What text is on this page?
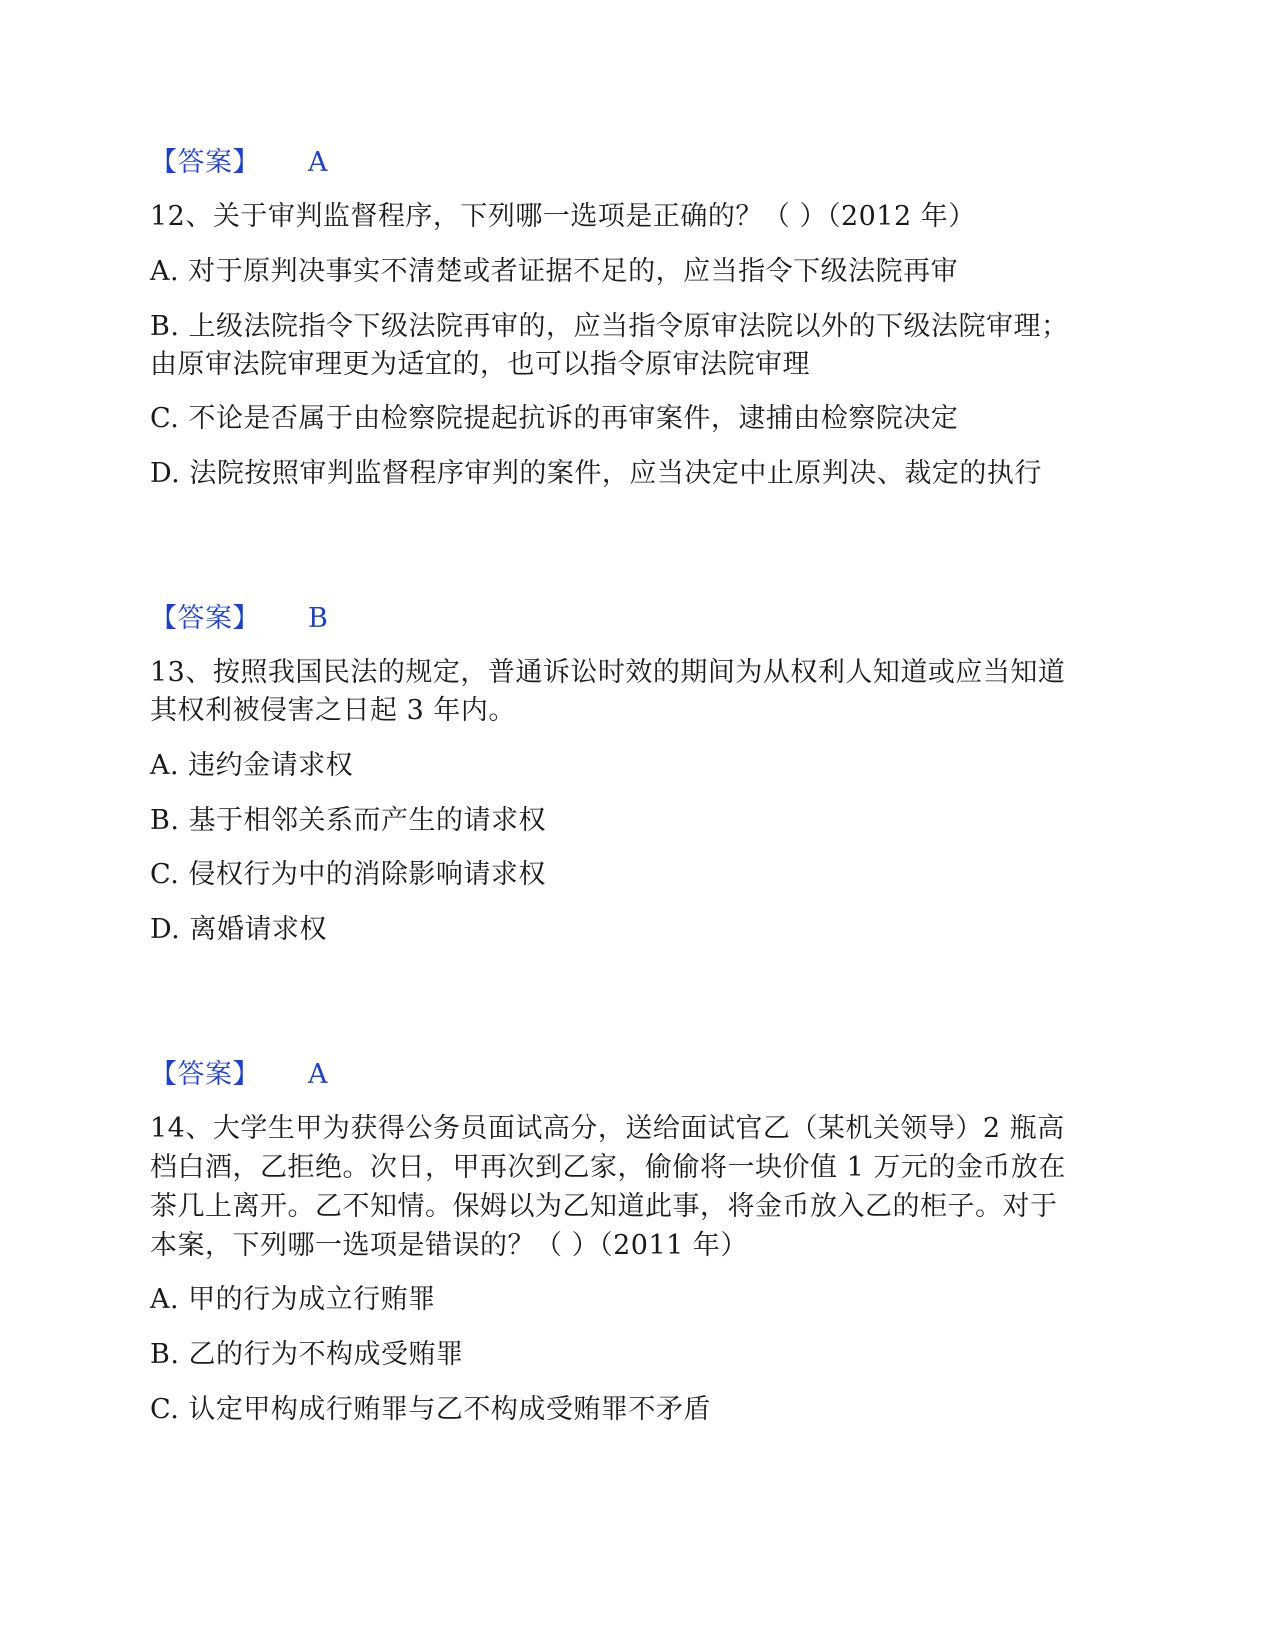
【答案】 A
12、关于审判监督程序，下列哪一选项是正确的？（ ）（2012 年）
A. 对于原判决事实不清楚或者证据不足的，应当指令下级法院再审
B. 上级法院指令下级法院再审的，应当指令原审法院以外的下级法院审理；
由原审法院审理更为适宜的，也可以指令原审法院审理
C. 不论是否属于由检察院提起抗诉的再审案件，逮捕由检察院决定
D. 法院按照审判监督程序审判的案件，应当决定中止原判决、裁定的执行
【答案】 B
13、按照我国民法的规定，普通诉讼时效的期间为从权利人知道或应当知道
其权利被侵害之日起 3 年内。
A. 违约金请求权
B. 基于相邻关系而产生的请求权
C. 侵权行为中的消除影响请求权
D. 离婚请求权
【答案】 A
14、大学生甲为获得公务员面试高分，送给面试官乙（某机关领导）2 瓶高
档白酒，乙拒绝。次日，甲再次到乙家，偷偷将一块价值 1 万元的金币放在
茶几上离开。乙不知情。保姆以为乙知道此事，将金币放入乙的柜子。对于
本案，下列哪一选项是错误的？（ ）（2011 年）
A. 甲的行为成立行贿罪
B. 乙的行为不构成受贿罪
C. 认定甲构成行贿罪与乙不构成受贿罪不矛盾
